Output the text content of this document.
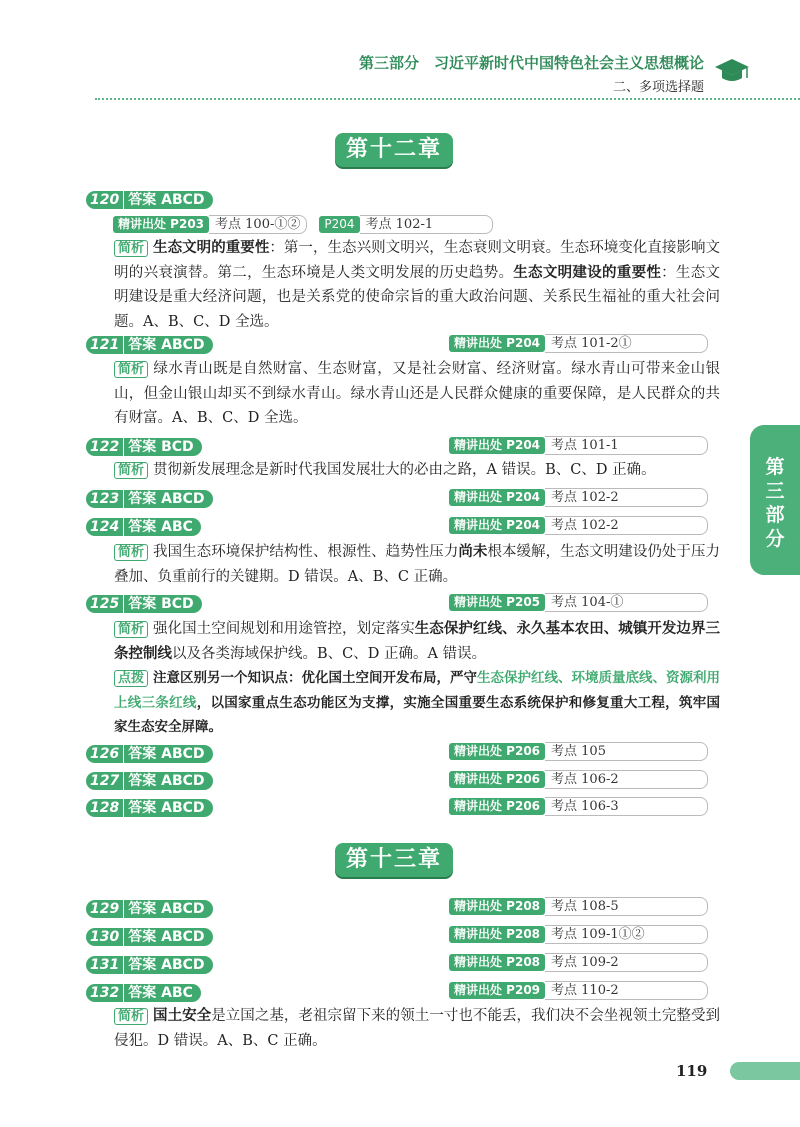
第三部分　习近平新时代中国特色社会主义思想概论
二、多项选择题
第三部分
第十二章
120 答案 ABCD
精讲出处 P203 考点 100-①②	P204 考点 102-1
简析 生态文明的重要性：第一，生态兴则文明兴，生态衰则文明衰。生态环境变化直接影响文明的兴衰演替。第二，生态环境是人类文明发展的历史趋势。生态文明建设的重要性：生态文明建设是重大经济问题，也是关系党的使命宗旨的重大政治问题、关系民生福祉的重大社会问题。A、B、C、D 全选。
121 答案 ABCD	精讲出处 P204 考点 101-2①
简析 绿水青山既是自然财富、生态财富，又是社会财富、经济财富。绿水青山可带来金山银山，但金山银山却买不到绿水青山。绿水青山还是人民群众健康的重要保障，是人民群众的共有财富。A、B、C、D 全选。
122 答案 BCD	精讲出处 P204 考点 101-1
简析 贯彻新发展理念是新时代我国发展壮大的必由之路，A 错误。B、C、D 正确。
123 答案 ABCD	精讲出处 P204 考点 102-2
124 答案 ABC	精讲出处 P204 考点 102-2
简析 我国生态环境保护结构性、根源性、趋势性压力尚未根本缓解，生态文明建设仍处于压力叠加、负重前行的关键期。D 错误。A、B、C 正确。
125 答案 BCD	精讲出处 P205 考点 104-①
简析 强化国土空间规划和用途管控，划定落实生态保护红线、永久基本农田、城镇开发边界三条控制线以及各类海域保护线。B、C、D 正确。A 错误。
点拨 注意区别另一个知识点：优化国土空间开发布局，严守生态保护红线、环境质量底线、资源利用上线三条红线，以国家重点生态功能区为支撑，实施全国重要生态系统保护和修复重大工程，筑牢国家生态安全屏障。
126 答案 ABCD	精讲出处 P206 考点 105
127 答案 ABCD	精讲出处 P206 考点 106-2
128 答案 ABCD	精讲出处 P206 考点 106-3
第十三章
129 答案 ABCD	精讲出处 P208 考点 108-5
130 答案 ABCD	精讲出处 P208 考点 109-1①②
131 答案 ABCD	精讲出处 P208 考点 109-2
132 答案 ABC	精讲出处 P209 考点 110-2
简析 国土安全是立国之基，老祖宗留下来的领土一寸也不能丢，我们决不会坐视领土完整受到侵犯。D 错误。A、B、C 正确。
119
